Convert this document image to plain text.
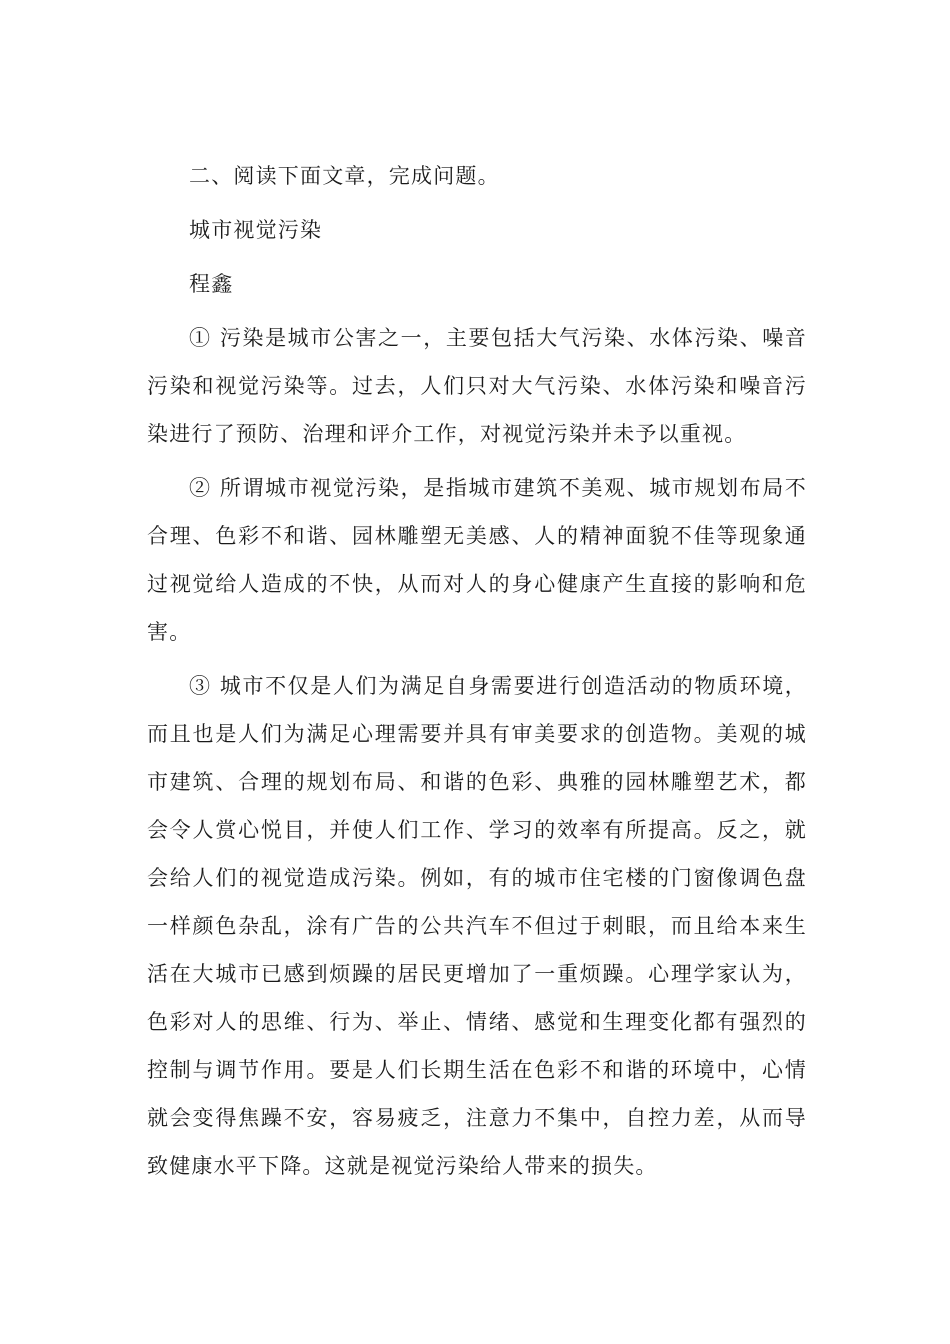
二、阅读下面文章，完成问题。

城市视觉污染

程鑫

① 污染是城市公害之一，主要包括大气污染、水体污染、噪音污染和视觉污染等。过去，人们只对大气污染、水体污染和噪音污染进行了预防、治理和评介工作，对视觉污染并未予以重视。

② 所谓城市视觉污染，是指城市建筑不美观、城市规划布局不合理、色彩不和谐、园林雕塑无美感、人的精神面貌不佳等现象通过视觉给人造成的不快，从而对人的身心健康产生直接的影响和危害。

③ 城市不仅是人们为满足自身需要进行创造活动的物质环境，而且也是人们为满足心理需要并具有审美要求的创造物。美观的城市建筑、合理的规划布局、和谐的色彩、典雅的园林雕塑艺术，都会令人赏心悦目，并使人们工作、学习的效率有所提高。反之，就会给人们的视觉造成污染。例如，有的城市住宅楼的门窗像调色盘一样颜色杂乱，涂有广告的公共汽车不但过于刺眼，而且给本来生活在大城市已感到烦躁的居民更增加了一重烦躁。心理学家认为，色彩对人的思维、行为、举止、情绪、感觉和生理变化都有强烈的控制与调节作用。要是人们长期生活在色彩不和谐的环境中，心情就会变得焦躁不安，容易疲乏，注意力不集中，自控力差，从而导致健康水平下降。这就是视觉污染给人带来的损失。
